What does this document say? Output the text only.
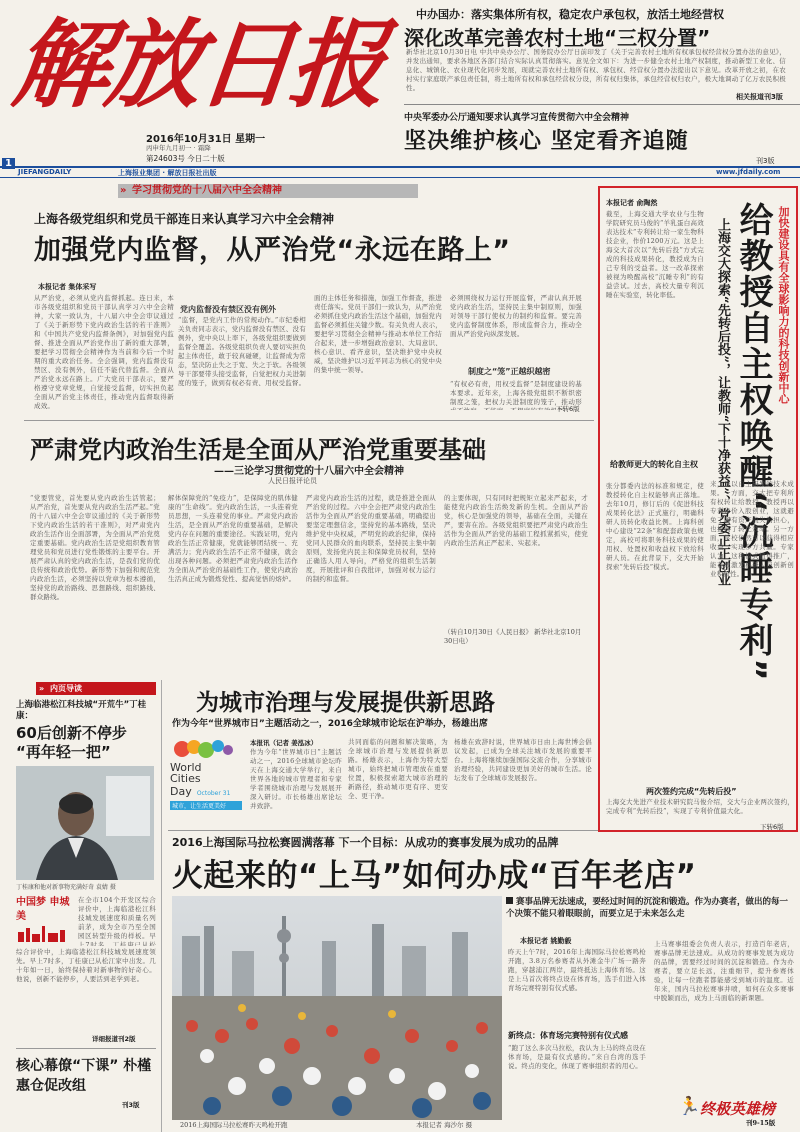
解放日报
2016年10月31日 星期一
丙申年九月初一 · 霜降
第24603号 今日二十版
中办国办：落实集体所有权，稳定农户承包权，放活土地经营权
深化改革完善农村土地“三权分置”
新华社北京10月30日电 中共中央办公厅、国务院办公厅日前印发了《关于完善农村土地所有权承包权经营权分置办法的意见》，并发出通知，要求各地区各部门结合实际认真贯彻落实。意见全文如下：为进一步健全农村土地产权制度，推动新型工业化、信息化、城镇化、农业现代化同步发展，现就完善农村土地所有权、承包权、经营权分置办法提出以下意见。改革开放之初，在农村实行家庭联产承包责任制，将土地所有权和承包经营权分设，所有权归集体，承包经营权归农户，极大地调动了亿万农民积极性。
相关报道刊3版
中央军委办公厅通知要求认真学习宣传贯彻六中全会精神
坚决维护核心 坚定看齐追随
刊3版
1
JIEFANGDAILY	上海报业集团 · 解放日报社出版	www.jfdaily.com
» 学习贯彻党的十八届六中全会精神
上海各级党组织和党员干部连日来认真学习六中全会精神
加强党内监督，从严治党“永远在路上”
本报记者 集体采写
从严治党，必须从党内监督抓起。连日来，本市各级党组织和党员干部认真学习六中全会精神，大家一致认为，十八届六中全会审议通过了《关于新形势下党内政治生活的若干准则》和《中国共产党党内监督条例》，对加强党内监督、推进全面从严治党作出了新的重大部署，要把学习贯彻全会精神作为当前和今后一个时期的重大政治任务。全会强调，党内监督没有禁区、没有例外，信任不能代替监督。全面从严治党永远在路上。广大党员干部表示，要严格遵守党章党规，自觉接受监督，切实担负起全面从严治党主体责任，推动党内监督取得新成效。
党内监督没有禁区没有例外
“监督，是党内工作的常规动作。”市纪委相关负责同志表示，党内监督没有禁区、没有例外，党中央以上率下，各级党组织要做到监督全覆盖。各级党组织负责人要切实担负起主体责任，敢于较真碰硬，让监督成为常态，坚决防止失之于宽、失之于软。各级领导干部要带头接受监督，自觉把权力关进制度的笼子，做到有权必有责、用权受监督。
面的主体任务和措施，加强工作督查，推进责任落实。党员干部们一致认为，从严治党必须抓住党内政治生活这个基础，加强党内监督必须抓住关键少数。有关负责人表示，要把学习贯彻全会精神与推动本单位工作结合起来，进一步增强政治意识、大局意识、核心意识、看齐意识，坚决维护党中央权威，坚决维护以习近平同志为核心的党中央的集中统一领导。
必须围绕权力运行开展监督，严肃认真开展党内政治生活，坚持民主集中制原则，加强对领导干部行使权力的制约和监督。要完善党内监督制度体系，形成监督合力，推动全面从严治党向纵深发展。
制度之“笼”正越织越密
“有权必有责，用权受监督”是制度建设的基本要求。近年来，上海各级党组织不断织密制度之笼，把权力关进制度的笼子，推动形成不敢腐、不能腐、不想腐的有效机制。
下转6版
严肃党内政治生活是全面从严治党重要基础
——三论学习贯彻党的十八届六中全会精神
人民日报评论员
“党要管党，首先要从党内政治生活管起；从严治党，首先要从党内政治生活严起。”党的十八届六中全会审议通过的《关于新形势下党内政治生活的若干准则》，对严肃党内政治生活作出全面部署，为全面从严治党奠定重要基础。党内政治生活是党组织教育管理党员和党员进行党性锻炼的主要平台。开展严肃认真的党内政治生活，是我们党的优良传统和政治优势。新形势下加强和规范党内政治生活，必须坚持以党章为根本遵循，坚持党的政治路线、思想路线、组织路线、群众路线。
解体保障党的“免疫力”，是保障党的肌体健康的“生命线”。党内政治生活，一头连着党员思想，一头连着党的事业。严肃党内政治生活，是全面从严治党的重要基础，是解决党内存在问题的重要途径。实践证明，党内政治生活正常健康，党就能够团结统一、充满活力；党内政治生活不正常不健康，就会出现各种问题。必须把严肃党内政治生活作为全面从严治党的基础性工作，使党内政治生活真正成为锻炼党性、提高觉悟的熔炉。
严肃党内政治生活的过程，就是推进全面从严治党的过程。六中全会把严肃党内政治生活作为全面从严治党的重要基础，明确提出要坚定理想信念，坚持党的基本路线，坚决维护党中央权威，严明党的政治纪律，保持党同人民群众的血肉联系，坚持民主集中制原则，发扬党内民主和保障党员权利，坚持正确选人用人导向，严格党的组织生活制度，开展批评和自我批评，加强对权力运行的制约和监督。
的主要体现，只有同时把规矩立起来严起来，才能使党内政治生活焕发新的生机。全面从严治党，核心是加强党的领导，基础在全面，关键在严，要害在治。各级党组织要把严肃党内政治生活作为全面从严治党的基础工程抓紧抓实，使党内政治生活真正严起来、实起来。
（转自10月30日《人民日报》 新华社北京10月30日电）
加快建设具有全球影响力的科技创新中心
给教授自主权唤醒“沉睡专利”
上海交大探索“先转后投”，让教师“下十净获益”、党委正正创业
本报记者 俞陶然
截至，上海交通大学农业与生物学院研究员马俊的“羊乳蛋白高效表达技术”专利转让给一家生物科技企业，作价1200万元。这是上海交大首次以“先转后投”方式完成的科技成果转化，教授成为自己专利的受益者。这一改革探索被视为唤醒高校“沉睡专利”的有益尝试。过去，高校大量专利沉睡在实验室，转化率低。
给教师更大的转化自主权
张分都委内法的标准和规定，使教授转化自主权能够真正落地。去年10月，修订后的《促进科技成果转化法》正式施行，明确科研人员转化收益比例。上海科创中心建设“22条”和配套政策也规定，高校可将职务科技成果的使用权、处置权和收益权下放给科研人员。在此背景下，交大开始探索“先转后投”模式。
来，是以自主研发的技术成果。一方面，交大把专利所有权转让给教授，教授再以专利作价入股创业，这就避免了国有资产流失的担心，也提高了转化效率。另一方面，学校依然可以获得相应收益，实现多方共赢。专家认为，这种模式值得推广，能有效激发科研人员创新创业积极性。
两次签约完成“先转后投”
上海交大先进产业技术研究院马俊介绍，交大与企业两次签约，完成专利“先转后投”，实现了专利价值最大化。
下转6版
» 内页导读
上海临港松江科技城“开荒牛”丁桂康：
60后创新不停步 “再年轻一把”
丁桂康和他对新事物充满好奇 袁婧 摄
中国梦 申城美
在全市104个开发区综合评价中，上海临港松江科技城发展速度和质量名列前茅，成为全市乃至全国园区转型升级的样板。早上7时多，丁桂康已从松江家中出发，开始一天的工作。几十年如一日，他始终保持着对新事物的好奇心。
综合评价中，上海临港松江科技城发展速度领先。早上7时多，丁桂康已从松江家中出发。几十年如一日，始终保持着对新事物的好奇心。他说，创新不能停步，人要活到老学到老。
详细报道刊2版
核心幕僚“下课” 朴槿惠仓促改组
刊3版
为城市治理与发展提供新思路
作为今年“世界城市日”主题活动之一，2016全球城市论坛在沪举办，杨雄出席
World
Cities
Day October 31
城市，让生活更美好
本报讯（记者 姜泓冰）
作为今年“世界城市日”主题活动之一，2016全球城市论坛昨天在上海交通大学举行，来自世界各地的城市管理者和专家学者围绕城市治理与发展展开深入研讨。市长杨雄出席论坛并致辞。
共同面临的问题和解决策略，为全球城市治理与发展提供新思路。杨雄表示，上海作为特大型城市，始终把城市管理放在重要位置，积极探索超大城市治理的新路径，推动城市更有序、更安全、更干净。
杨雄在致辞时说，世界城市日由上海世博会倡议发起，已成为全球关注城市发展的重要平台。上海将继续加强国际交流合作，分享城市治理经验，共同建设更加美好的城市生活。论坛发布了全球城市发展报告。
2016上海国际马拉松赛圆满落幕 下一个目标：从成功的赛事发展为成功的品牌
火起来的“上马”如何办成“百年老店”
2016上海国际马拉松赛昨天鸣枪开跑	本报记者 海沙尔 摄
赛事品牌无法速成，要经过时间的沉淀和锻造。作为办赛者，做出的每一个决策不能只着眼眼前，而要立足于未来怎么走
本报记者 姚勤毅
昨天上午7时，2016年上海国际马拉松赛鸣枪开跑，3.8万名参赛者从外滩金牛广场一路奔跑，穿越浦江两岸，最终抵达上海体育场。这是上马首次将终点设在体育场，选手们进入体育场完赛特别有仪式感。
新终点：体育场完赛特别有仪式感
“跑了这么多次马拉松，我认为上马的终点设在体育场，是最有仪式感的。”来自台湾的选手说。终点的变化，体现了赛事组织者的用心。
上马赛事组委会负责人表示，打造百年老店，赛事品牌无法速成。从成功的赛事发展为成功的品牌，需要经过时间的沉淀和锻造。作为办赛者，要立足长远，注重细节，提升参赛体验，让每一位跑者都能感受到城市的温度。近年来，国内马拉松赛事井喷，如何在众多赛事中脱颖而出，成为上马面临的新课题。
🏃 终极英雄榜
刊9-15版
